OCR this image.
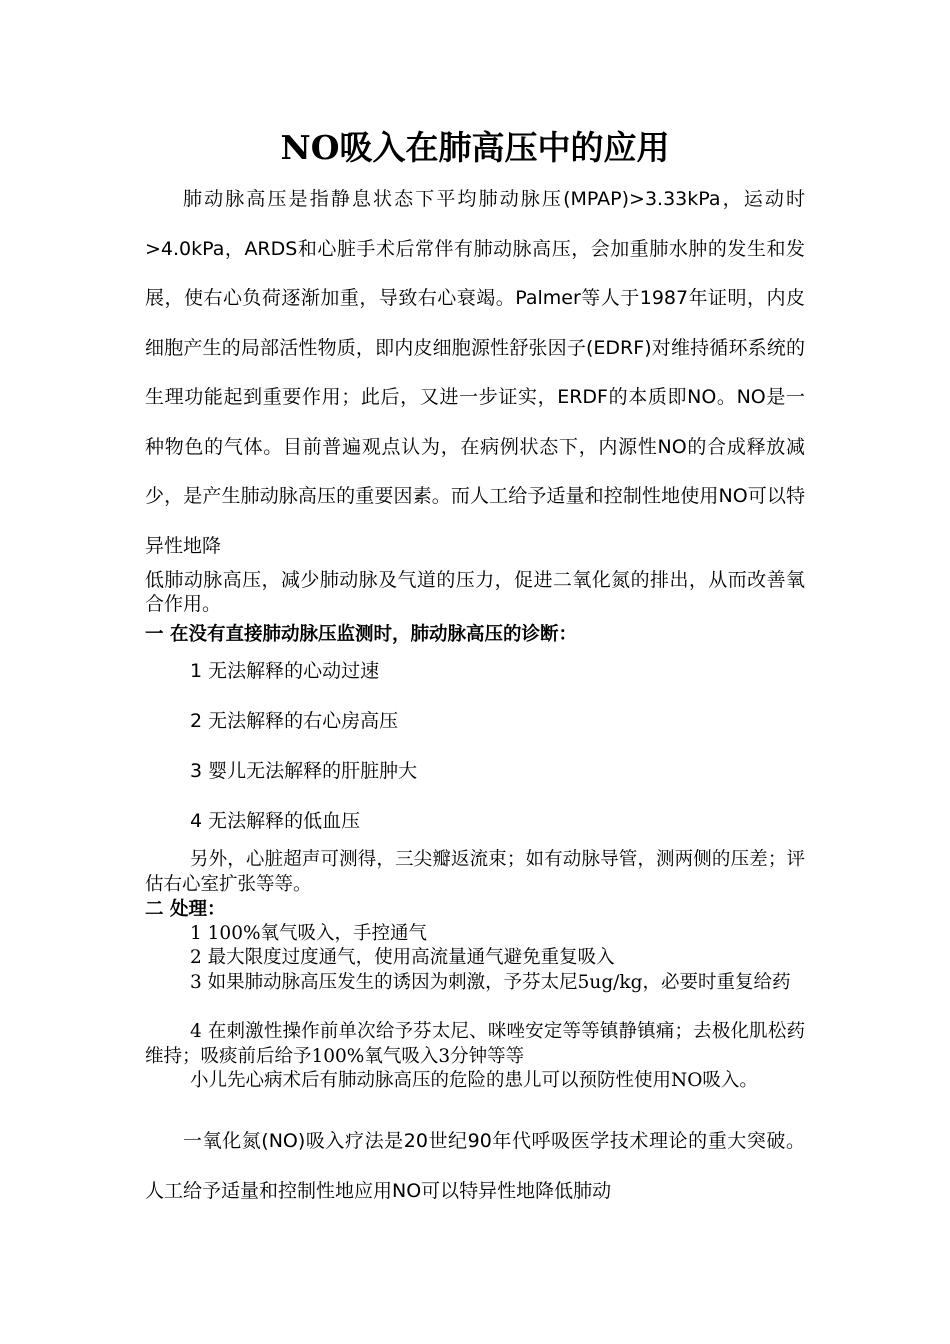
NO吸入在肺高压中的应用

肺动脉高压是指静息状态下平均肺动脉压(MPAP)>3.33kPa，运动时>4.0kPa，ARDS和心脏手术后常伴有肺动脉高压，会加重肺水肿的发生和发展，使右心负荷逐渐加重，导致右心衰竭。Palmer等人于1987年证明，内皮细胞产生的局部活性物质，即内皮细胞源性舒张因子(EDRF)对维持循环系统的生理功能起到重要作用；此后，又进一步证实，ERDF的本质即NO。NO是一种物色的气体。目前普遍观点认为，在病例状态下，内源性NO的合成释放减少，是产生肺动脉高压的重要因素。而人工给予适量和控制性地使用NO可以特异性地降

低肺动脉高压，减少肺动脉及气道的压力，促进二氧化氮的排出，从而改善氧合作用。

一 在没有直接肺动脉压监测时，肺动脉高压的诊断：

1 无法解释的心动过速

2 无法解释的右心房高压

3 婴儿无法解释的肝脏肿大

4 无法解释的低血压

另外，心脏超声可测得，三尖瓣返流束；如有动脉导管，测两侧的压差；评估右心室扩张等等。

二 处理：

1 100%氧气吸入，手控通气

2 最大限度过度通气，使用高流量通气避免重复吸入

3 如果肺动脉高压发生的诱因为刺激，予芬太尼5ug/kg，必要时重复给药

4 在刺激性操作前单次给予芬太尼、咪唑安定等等镇静镇痛；去极化肌松药维持；吸痰前后给予100%氧气吸入3分钟等等

小儿先心病术后有肺动脉高压的危险的患儿可以预防性使用NO吸入。

一氧化氮(NO)吸入疗法是20世纪90年代呼吸医学技术理论的重大突破。人工给予适量和控制性地应用NO可以特异性地降低肺动
